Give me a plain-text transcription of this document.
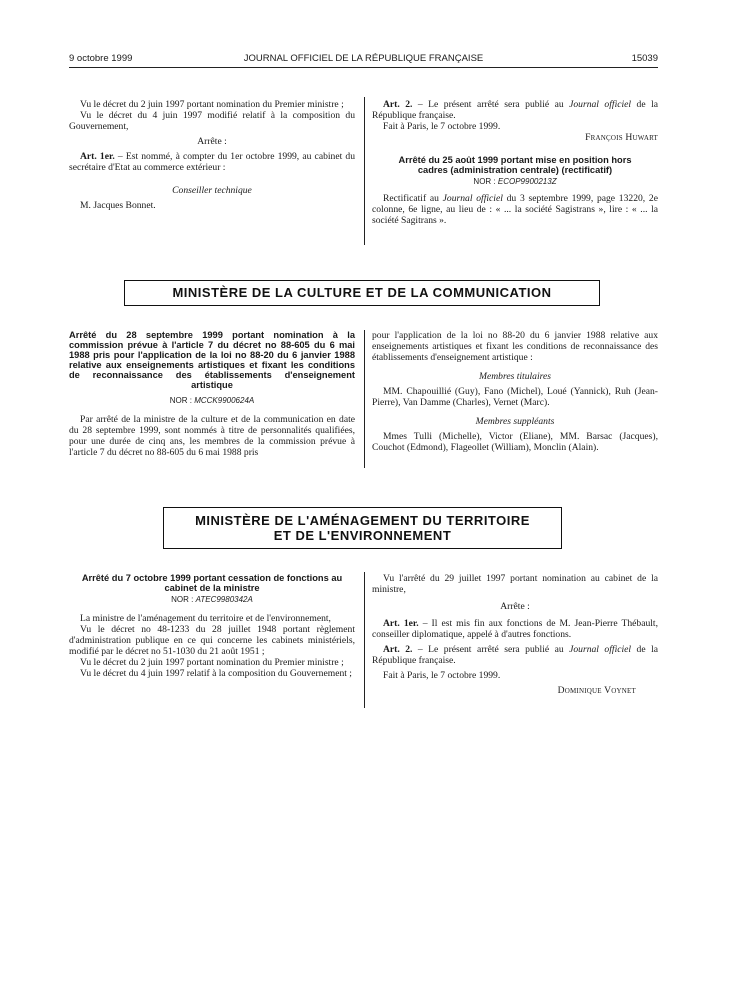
9 octobre 1999	JOURNAL OFFICIEL DE LA RÉPUBLIQUE FRANÇAISE	15039

Vu le décret du 2 juin 1997 portant nomination du Premier ministre ;

Vu le décret du 4 juin 1997 modifié relatif à la composition du Gouvernement,

Arrête :

Art. 1er. – Est nommé, à compter du 1er octobre 1999, au cabinet du secrétaire d'Etat au commerce extérieur :

Conseiller technique

M. Jacques Bonnet.

Art. 2. – Le présent arrêté sera publié au Journal officiel de la République française.

Fait à Paris, le 7 octobre 1999.

François Huwart

Arrêté du 25 août 1999 portant mise en position hors cadres (administration centrale) (rectificatif)

NOR : ECOP9900213Z

Rectificatif au Journal officiel du 3 septembre 1999, page 13220, 2e colonne, 6e ligne, au lieu de : « ... la société Sagistrans », lire : « ... la société Sagitrans ».

MINISTÈRE DE LA CULTURE ET DE LA COMMUNICATION

Arrêté du 28 septembre 1999 portant nomination à la commission prévue à l'article 7 du décret no 88-605 du 6 mai 1988 pris pour l'application de la loi no 88-20 du 6 janvier 1988 relative aux enseignements artistiques et fixant les conditions de reconnaissance des établissements d'enseignement artistique

NOR : MCCK9900624A

Par arrêté de la ministre de la culture et de la communication en date du 28 septembre 1999, sont nommés à titre de personnalités qualifiées, pour une durée de cinq ans, les membres de la commission prévue à l'article 7 du décret no 88-605 du 6 mai 1988 pris

pour l'application de la loi no 88-20 du 6 janvier 1988 relative aux enseignements artistiques et fixant les conditions de reconnaissance des établissements d'enseignement artistique :

Membres titulaires

MM. Chapouillié (Guy), Fano (Michel), Loué (Yannick), Ruh (Jean-Pierre), Van Damme (Charles), Vernet (Marc).

Membres suppléants

Mmes Tulli (Michelle), Victor (Eliane), MM. Barsac (Jacques), Couchot (Edmond), Flageollet (William), Monclin (Alain).

MINISTÈRE DE L'AMÉNAGEMENT DU TERRITOIRE
ET DE L'ENVIRONNEMENT

Arrêté du 7 octobre 1999 portant cessation de fonctions au cabinet de la ministre

NOR : ATEC9980342A

La ministre de l'aménagement du territoire et de l'environnement,

Vu le décret no 48-1233 du 28 juillet 1948 portant règlement d'administration publique en ce qui concerne les cabinets ministériels, modifié par le décret no 51-1030 du 21 août 1951 ;

Vu le décret du 2 juin 1997 portant nomination du Premier ministre ;

Vu le décret du 4 juin 1997 relatif à la composition du Gouvernement ;

Vu l'arrêté du 29 juillet 1997 portant nomination au cabinet de la ministre,

Arrête :

Art. 1er. – Il est mis fin aux fonctions de M. Jean-Pierre Thébault, conseiller diplomatique, appelé à d'autres fonctions.

Art. 2. – Le présent arrêté sera publié au Journal officiel de la République française.

Fait à Paris, le 7 octobre 1999.

Dominique Voynet
